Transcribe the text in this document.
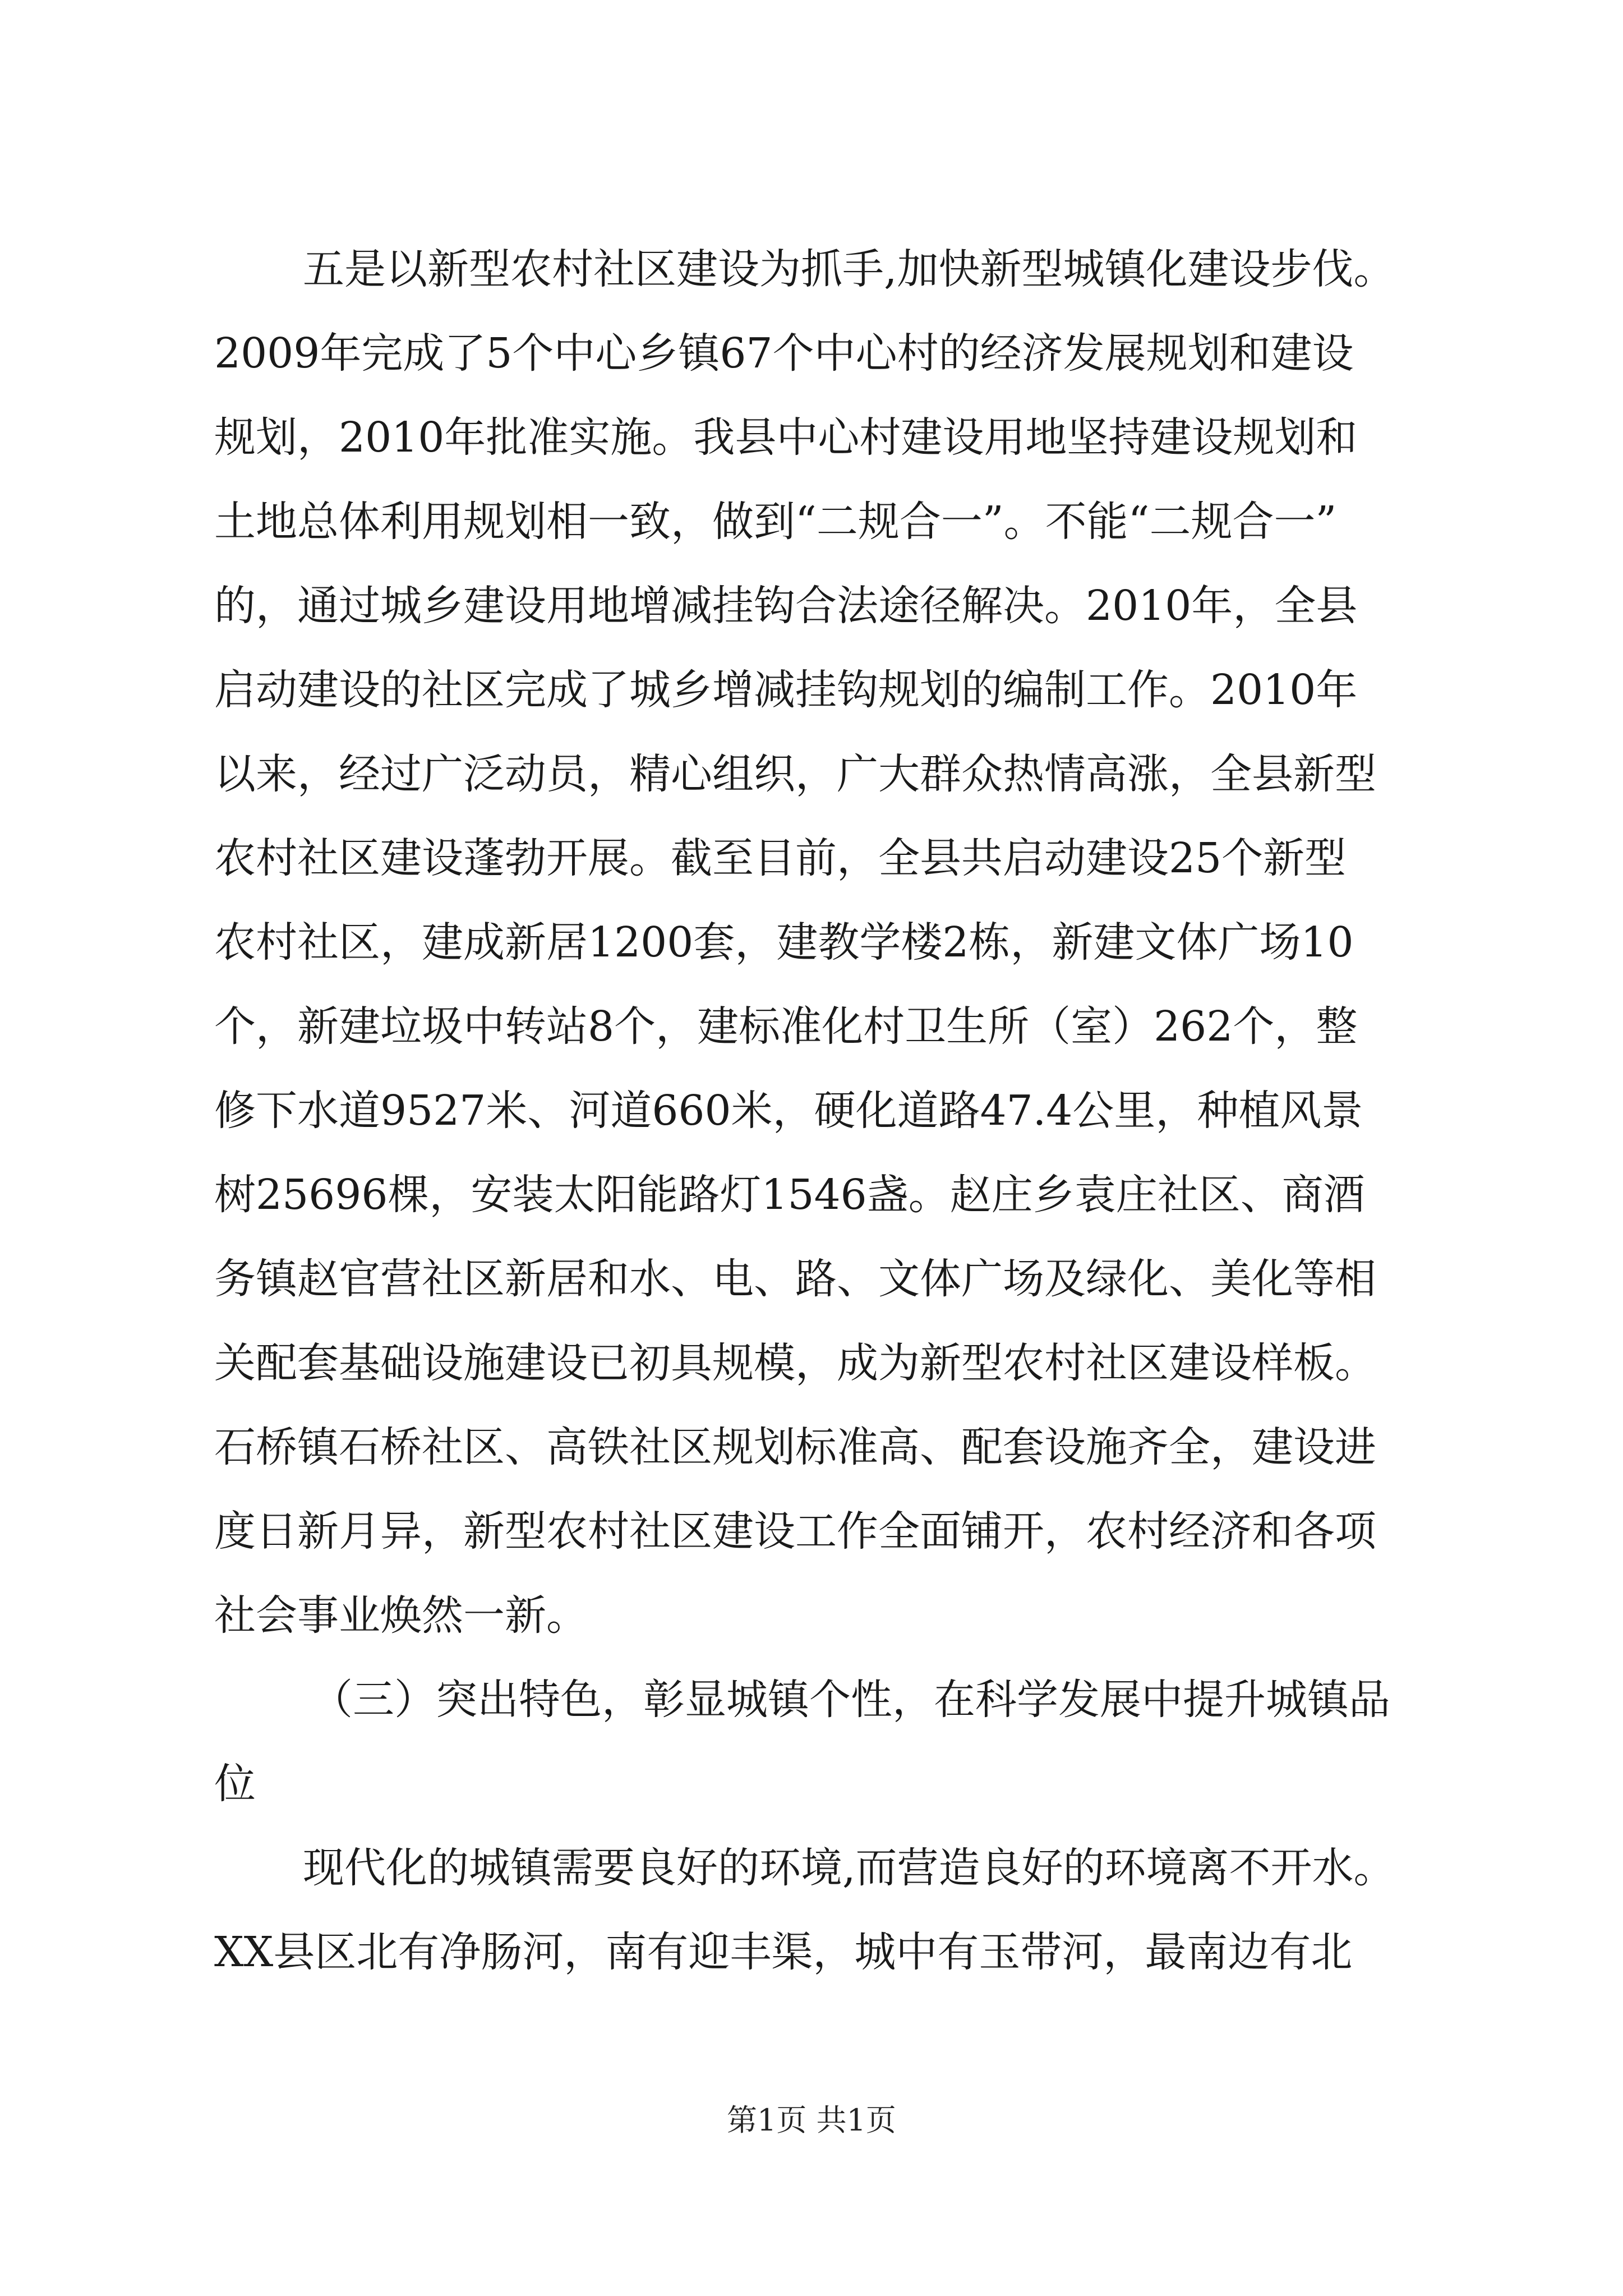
五是以新型农村社区建设为抓手,加快新型城镇化建设步伐。
2009年完成了5个中心乡镇67个中心村的经济发展规划和建设
规划，2010年批准实施。我县中心村建设用地坚持建设规划和
土地总体利用规划相一致，做到“二规合一”。不能“二规合一”
的，通过城乡建设用地增减挂钩合法途径解决。2010年，全县
启动建设的社区完成了城乡增减挂钩规划的编制工作。2010年
以来，经过广泛动员，精心组织，广大群众热情高涨，全县新型
农村社区建设蓬勃开展。截至目前，全县共启动建设25个新型
农村社区，建成新居1200套，建教学楼2栋，新建文体广场10
个，新建垃圾中转站8个，建标准化村卫生所（室）262个，整
修下水道9527米、河道660米，硬化道路47.4公里，种植风景
树25696棵，安装太阳能路灯1546盏。赵庄乡袁庄社区、商酒
务镇赵官营社区新居和水、电、路、文体广场及绿化、美化等相
关配套基础设施建设已初具规模，成为新型农村社区建设样板。
石桥镇石桥社区、高铁社区规划标准高、配套设施齐全，建设进
度日新月异，新型农村社区建设工作全面铺开，农村经济和各项
社会事业焕然一新。
（三）突出特色，彰显城镇个性，在科学发展中提升城镇品
位
现代化的城镇需要良好的环境,而营造良好的环境离不开水。
XX县区北有净肠河，南有迎丰渠，城中有玉带河，最南边有北
第1页 共1页
